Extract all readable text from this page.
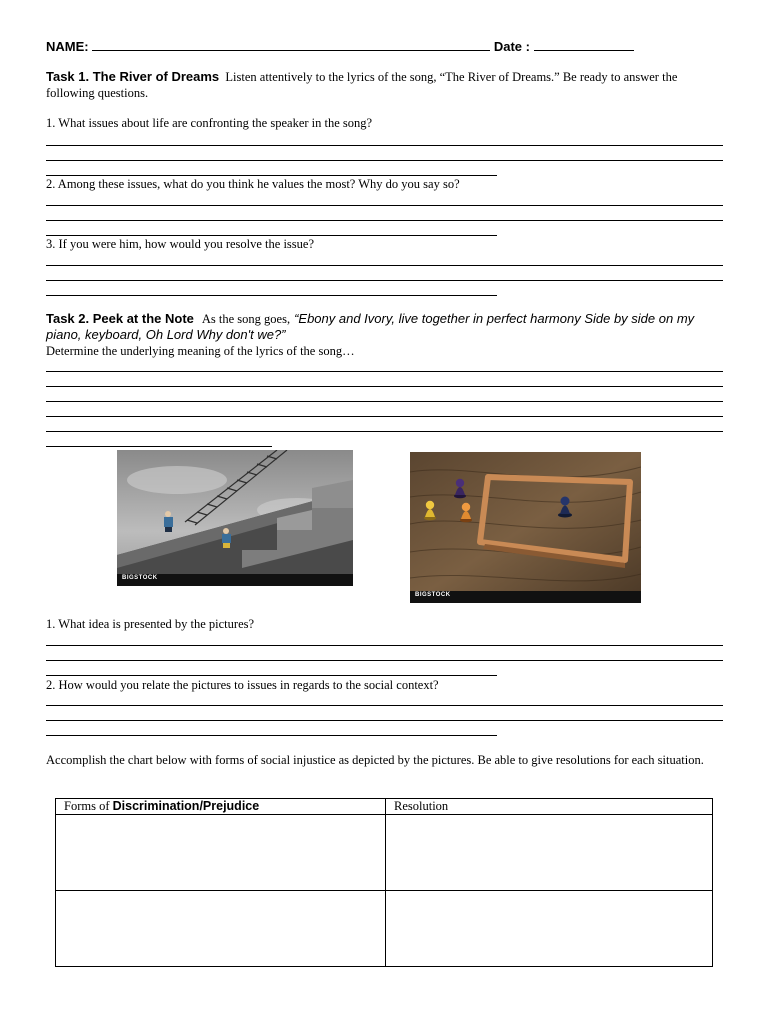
NAME:	Date :
Task 1. The River of Dreams Listen attentively to the lyrics of the song, “The River of Dreams.” Be ready to answer the following questions.
1. What issues about life are confronting the speaker in the song?
2. Among these issues, what do you think he values the most? Why do you say so?
3. If you were him, how would you resolve the issue?
Task 2. Peek at the Note As the song goes, “Ebony and Ivory, live together in perfect harmony Side by side on my piano, keyboard, Oh Lord Why don't we?”
Determine the underlying meaning of the lyrics of the song…
BIGSTOCK
BIGSTOCK
1. What idea is presented by the pictures?
2. How would you relate the pictures to issues in regards to the social context?
Accomplish the chart below with forms of social injustice as depicted by the pictures. Be able to give resolutions for each situation.
Forms of Discrimination/Prejudice	Resolution
